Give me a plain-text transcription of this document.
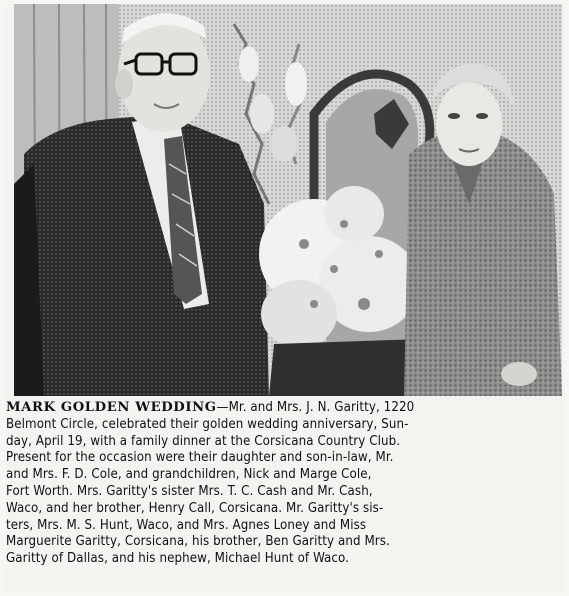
MARK GOLDEN WEDDING—Mr. and Mrs. J. N. Garitty, 1220
Belmont Circle, celebrated their golden wedding anniversary, Sun-
day, April 19, with a family dinner at the Corsicana Country Club.
Present for the occasion were their daughter and son-in-law, Mr.
and Mrs. F. D. Cole, and grandchildren, Nick and Marge Cole,
Fort Worth. Mrs. Garitty's sister Mrs. T. C. Cash and Mr. Cash,
Waco, and her brother, Henry Call, Corsicana. Mr. Garitty's sis-
ters, Mrs. M. S. Hunt, Waco, and Mrs. Agnes Loney and Miss
Marguerite Garitty, Corsicana, his brother, Ben Garitty and Mrs.
Garitty of Dallas, and his nephew, Michael Hunt of Waco.
